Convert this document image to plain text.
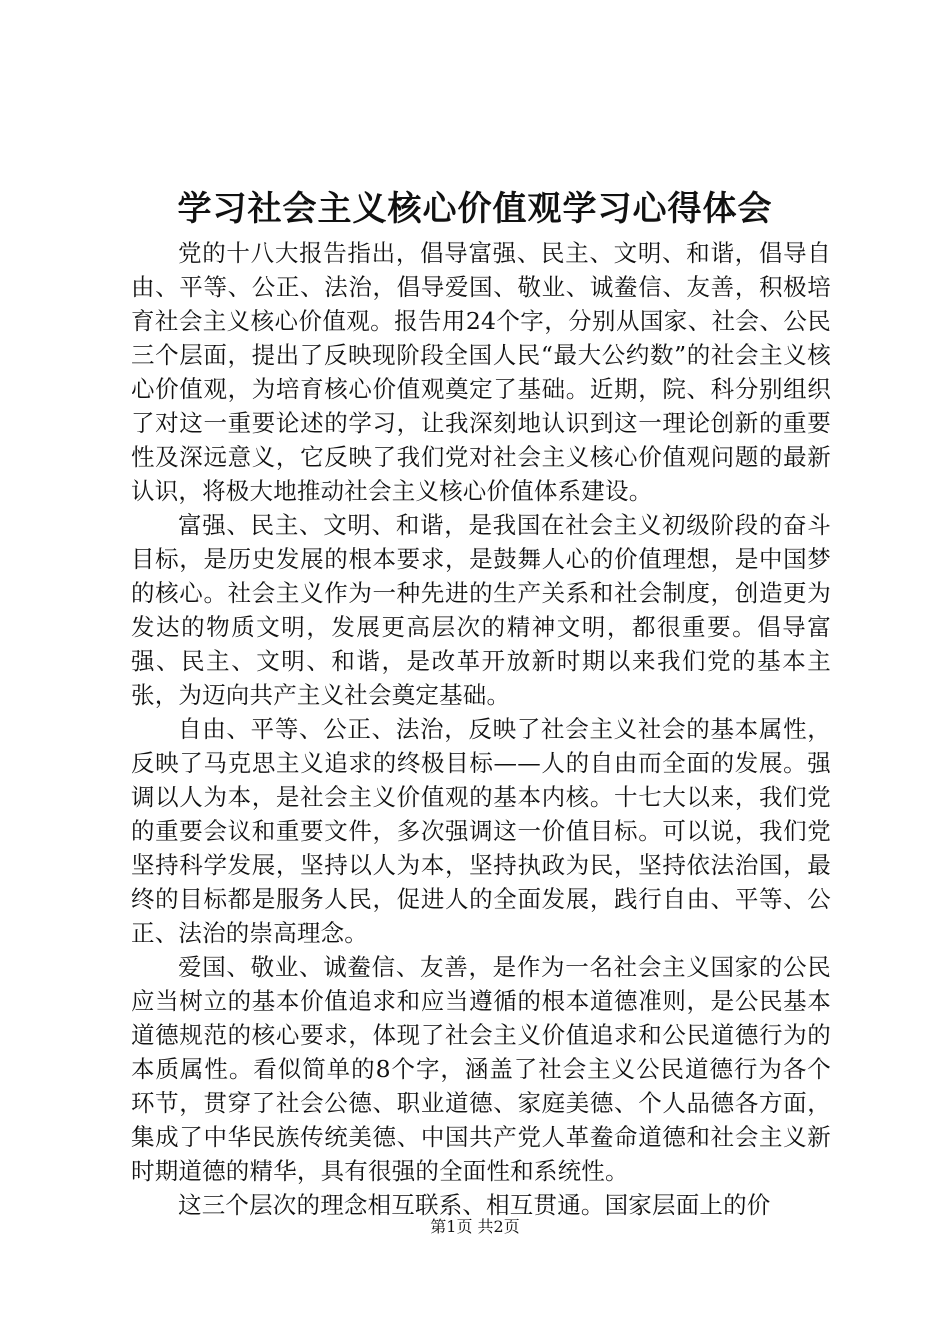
学习社会主义核心价值观学习心得体会

党的十八大报告指出，倡导富强、民主、文明、和谐，倡导自由、平等、公正、法治，倡导爱国、敬业、诚鲞信、友善，积极培育社会主义核心价值观。报告用24个字，分别从国家、社会、公民三个层面，提出了反映现阶段全国人民“最大公约数”的社会主义核心价值观，为培育核心价值观奠定了基础。近期，院、科分别组织了对这一重要论述的学习，让我深刻地认识到这一理论创新的重要性及深远意义，它反映了我们党对社会主义核心价值观问题的最新认识，将极大地推动社会主义核心价值体系建设。

富强、民主、文明、和谐，是我国在社会主义初级阶段的奋斗目标，是历史发展的根本要求，是鼓舞人心的价值理想，是中国梦的核心。社会主义作为一种先进的生产关系和社会制度，创造更为发达的物质文明，发展更高层次的精神文明，都很重要。倡导富强、民主、文明、和谐，是改革开放新时期以来我们党的基本主张，为迈向共产主义社会奠定基础。

自由、平等、公正、法治，反映了社会主义社会的基本属性，反映了马克思主义追求的终极目标——人的自由而全面的发展。强调以人为本，是社会主义价值观的基本内核。十七大以来，我们党的重要会议和重要文件，多次强调这一价值目标。可以说，我们党坚持科学发展，坚持以人为本，坚持执政为民，坚持依法治国，最终的目标都是服务人民，促进人的全面发展，践行自由、平等、公正、法治的崇高理念。

爱国、敬业、诚鲞信、友善，是作为一名社会主义国家的公民应当树立的基本价值追求和应当遵循的根本道德准则，是公民基本道德规范的核心要求，体现了社会主义价值追求和公民道德行为的本质属性。看似简单的8个字，涵盖了社会主义公民道德行为各个环节，贯穿了社会公德、职业道德、家庭美德、个人品德各方面，集成了中华民族传统美德、中国共产党人革鲞命道德和社会主义新时期道德的精华，具有很强的全面性和系统性。

这三个层次的理念相互联系、相互贯通。国家层面上的价

第1页 共2页
